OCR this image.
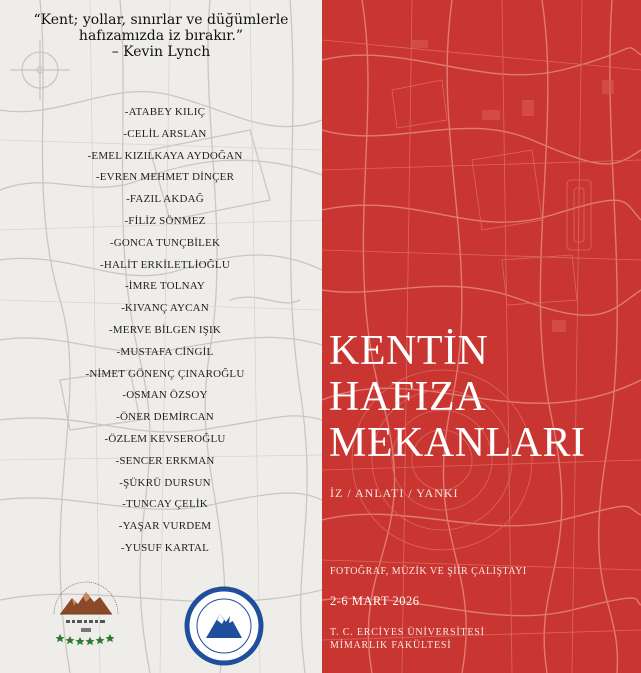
“Kent; yollar, sınırlar ve düğümlerle
hafızamızda iz bırakır.”
– Kevin Lynch
-ATABEY KILIÇ
-CELİL ARSLAN
-EMEL KIZILKAYA AYDOĞAN
-EVREN MEHMET DİNÇER
-FAZIL AKDAĞ
-FİLİZ SÖNMEZ
-GONCA TUNÇBİLEK
-HALİT ERKİLETLİOĞLU
-İMRE TOLNAY
-KIVANÇ AYCAN
-MERVE BİLGEN IŞIK
-MUSTAFA CİNGİL
-NİMET GÖNENÇ ÇINAROĞLU
-OSMAN ÖZSOY
-ÖNER DEMİRCAN
-ÖZLEM KEVSEROĞLU
-SENCER ERKMAN
-ŞÜKRÜ DURSUN
-TUNCAY ÇELİK
-YAŞAR VURDEM
-YUSUF KARTAL
KENTİN
HAFIZA
MEKANLARI
İZ / ANLATI / YANKI
FOTOĞRAF, MÜZİK VE ŞİİR ÇALIŞTAYI
2-6 MART 2026
T. C. ERCİYES ÜNİVERSİTESİ
MİMARLIK FAKÜLTESİ
